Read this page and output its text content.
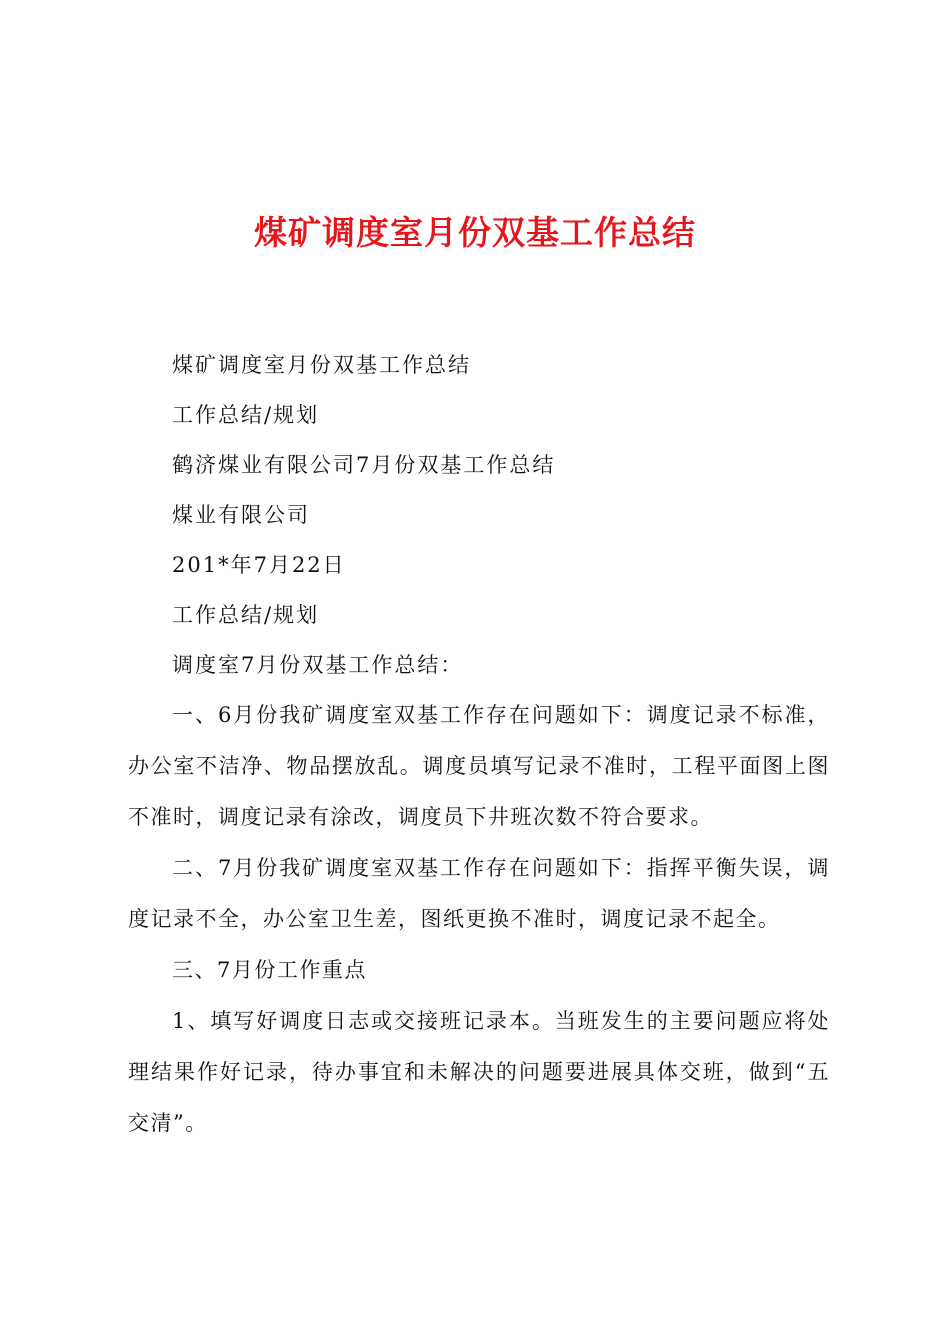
煤矿调度室月份双基工作总结

煤矿调度室月份双基工作总结

工作总结/规划

鹤济煤业有限公司7月份双基工作总结

煤业有限公司

201*年7月22日

工作总结/规划

调度室7月份双基工作总结：

一、6月份我矿调度室双基工作存在问题如下：调度记录不标准，办公室不洁净、物品摆放乱。调度员填写记录不准时，工程平面图上图不准时，调度记录有涂改，调度员下井班次数不符合要求。

二、7月份我矿调度室双基工作存在问题如下：指挥平衡失误，调度记录不全，办公室卫生差，图纸更换不准时，调度记录不起全。

三、7月份工作重点

1、填写好调度日志或交接班记录本。当班发生的主要问题应将处理结果作好记录，待办事宜和未解决的问题要进展具体交班，做到“五交清”。
